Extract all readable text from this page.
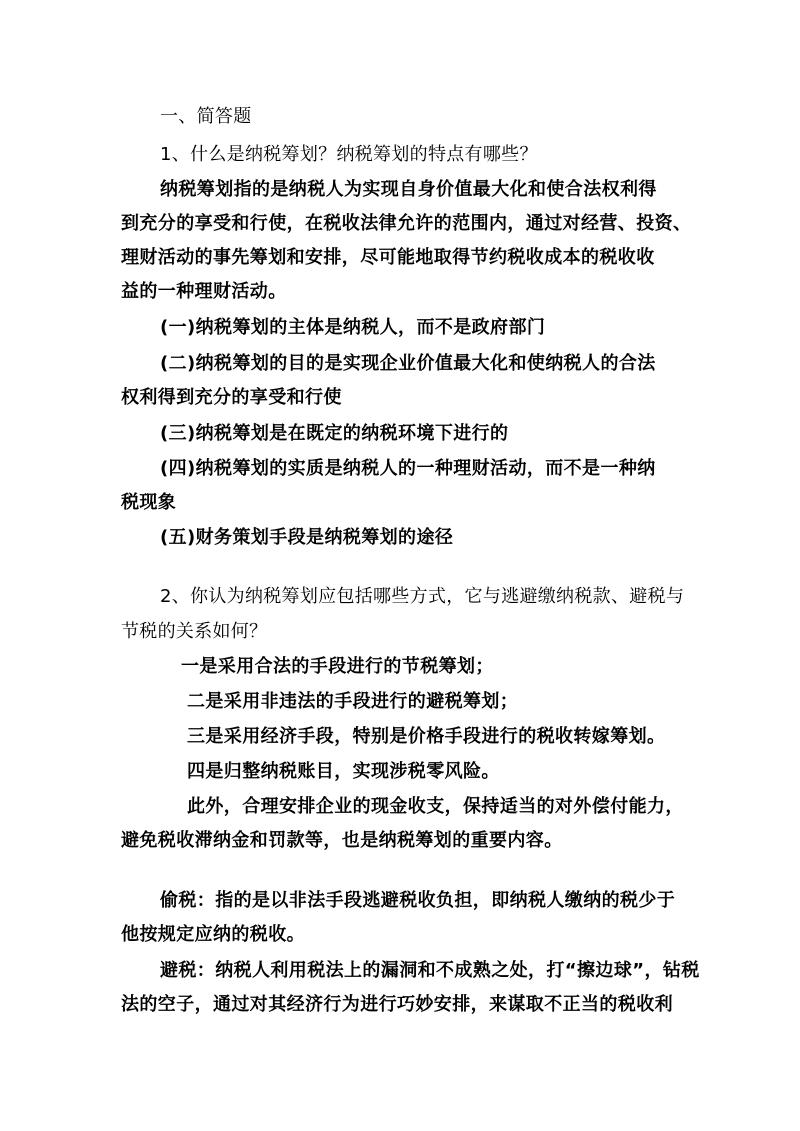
一、简答题
1、什么是纳税筹划？纳税筹划的特点有哪些？
纳税筹划指的是纳税人为实现自身价值最大化和使合法权利得
到充分的享受和行使，在税收法律允许的范围内，通过对经营、投资、
理财活动的事先筹划和安排，尽可能地取得节约税收成本的税收收
益的一种理财活动。
(一)纳税筹划的主体是纳税人，而不是政府部门
(二)纳税筹划的目的是实现企业价值最大化和使纳税人的合法
权利得到充分的享受和行使
(三)纳税筹划是在既定的纳税环境下进行的
(四)纳税筹划的实质是纳税人的一种理财活动，而不是一种纳
税现象
(五)财务策划手段是纳税筹划的途径
2、你认为纳税筹划应包括哪些方式，它与逃避缴纳税款、避税与
节税的关系如何？
一是采用合法的手段进行的节税筹划；
二是采用非违法的手段进行的避税筹划；
三是采用经济手段，特别是价格手段进行的税收转嫁筹划。
四是归整纳税账目，实现涉税零风险。
此外，合理安排企业的现金收支，保持适当的对外偿付能力，
避免税收滞纳金和罚款等，也是纳税筹划的重要内容。
偷税：指的是以非法手段逃避税收负担，即纳税人缴纳的税少于
他按规定应纳的税收。
避税：纳税人利用税法上的漏洞和不成熟之处，打“擦边球”，钻税
法的空子，通过对其经济行为进行巧妙安排，来谋取不正当的税收利
